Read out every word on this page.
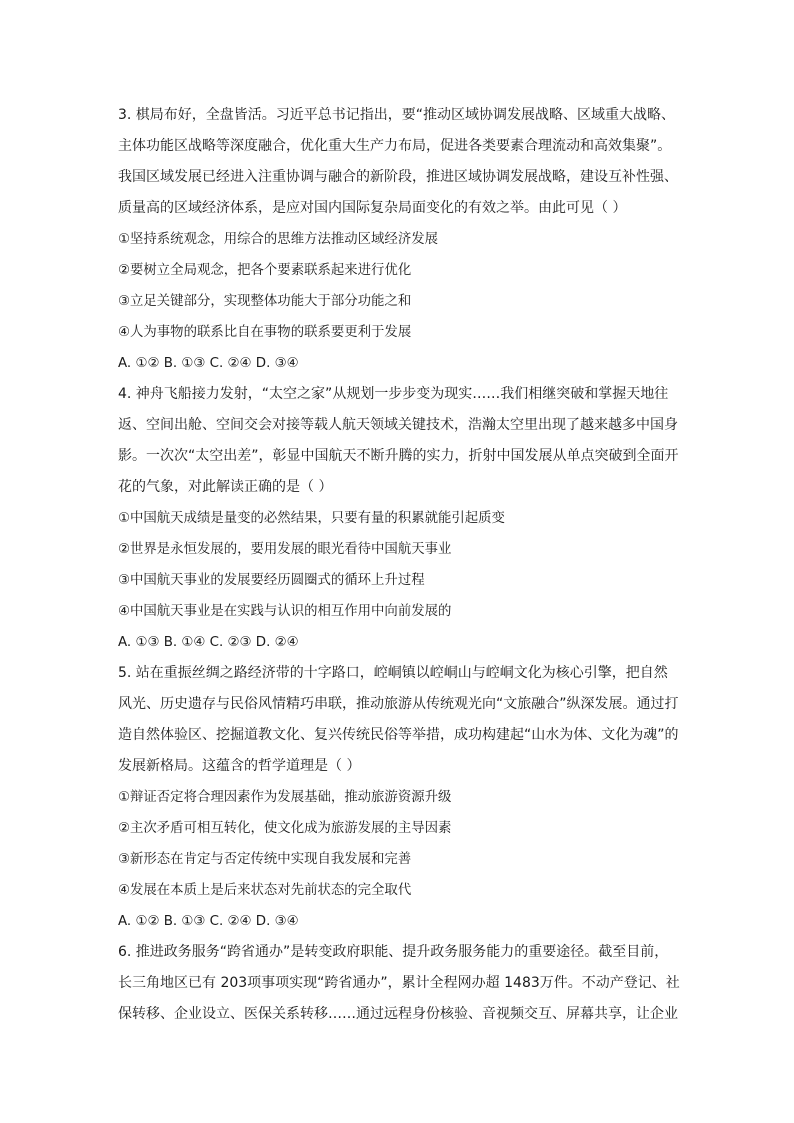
3. 棋局布好，全盘皆活。习近平总书记指出，要“推动区域协调发展战略、区域重大战略、
主体功能区战略等深度融合，优化重大生产力布局，促进各类要素合理流动和高效集聚”。
我国区域发展已经进入注重协调与融合的新阶段，推进区域协调发展战略，建设互补性强、
质量高的区域经济体系，是应对国内国际复杂局面变化的有效之举。由此可见（ ）
①坚持系统观念，用综合的思维方法推动区域经济发展
②要树立全局观念，把各个要素联系起来进行优化
③立足关键部分，实现整体功能大于部分功能之和
④人为事物的联系比自在事物的联系要更利于发展
A. ①② B. ①③ C. ②④ D. ③④
4. 神舟飞船接力发射，“太空之家”从规划一步步变为现实……我们相继突破和掌握天地往
返、空间出舱、空间交会对接等载人航天领域关键技术，浩瀚太空里出现了越来越多中国身
影。一次次“太空出差”，彰显中国航天不断升腾的实力，折射中国发展从单点突破到全面开
花的气象，对此解读正确的是（ ）
①中国航天成绩是量变的必然结果，只要有量的积累就能引起质变
②世界是永恒发展的，要用发展的眼光看待中国航天事业
③中国航天事业的发展要经历圆圈式的循环上升过程
④中国航天事业是在实践与认识的相互作用中向前发展的
A. ①③ B. ①④ C. ②③ D. ②④
5. 站在重振丝绸之路经济带的十字路口，崆峒镇以崆峒山与崆峒文化为核心引擎，把自然
风光、历史遗存与民俗风情精巧串联，推动旅游从传统观光向“文旅融合”纵深发展。通过打
造自然体验区、挖掘道教文化、复兴传统民俗等举措，成功构建起“山水为体、文化为魂”的
发展新格局。这蕴含的哲学道理是（ ）
①辩证否定将合理因素作为发展基础，推动旅游资源升级
②主次矛盾可相互转化，使文化成为旅游发展的主导因素
③新形态在肯定与否定传统中实现自我发展和完善
④发展在本质上是后来状态对先前状态的完全取代
A. ①② B. ①③ C. ②④ D. ③④
6. 推进政务服务“跨省通办”是转变政府职能、提升政务服务能力的重要途径。截至目前，
长三角地区已有 203项事项实现“跨省通办”，累计全程网办超 1483万件。不动产登记、社
保转移、企业设立、医保关系转移……通过远程身份核验、音视频交互、屏幕共享，让企业
